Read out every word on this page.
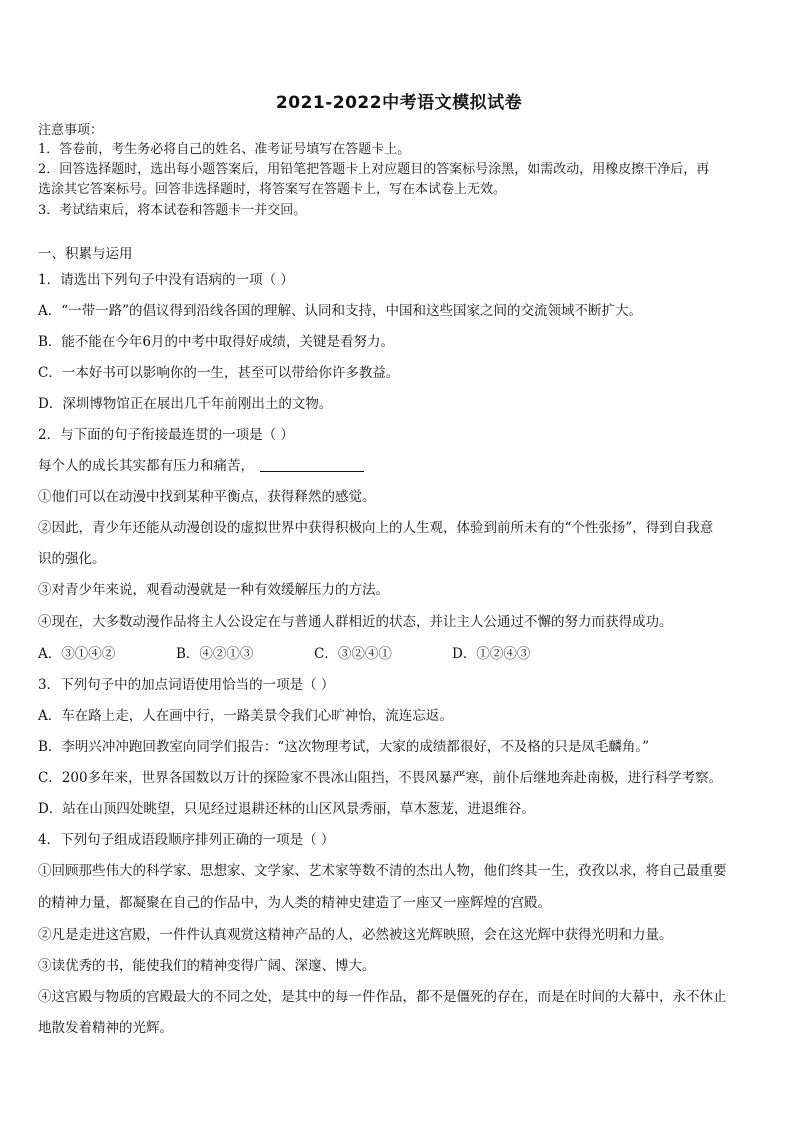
2021-2022中考语文模拟试卷
注意事项：
1．答卷前，考生务必将自己的姓名、准考证号填写在答题卡上。
2．回答选择题时，选出每小题答案后，用铅笔把答题卡上对应题目的答案标号涂黑，如需改动，用橡皮擦干净后，再
选涂其它答案标号。回答非选择题时，将答案写在答题卡上，写在本试卷上无效。
3．考试结束后，将本试卷和答题卡一并交回。
一、积累与运用
1．请选出下列句子中没有语病的一项（ ）
A．“一带一路”的倡议得到沿线各国的理解、认同和支持，中国和这些国家之间的交流领域不断扩大。
B．能不能在今年6月的中考中取得好成绩，关键是看努力。
C．一本好书可以影响你的一生，甚至可以带给你许多教益。
D．深圳博物馆正在展出几千年前刚出土的文物。
2．与下面的句子衔接最连贯的一项是（ ）
每个人的成长其实都有压力和痛苦，
①他们可以在动漫中找到某种平衡点，获得释然的感觉。
②因此，青少年还能从动漫创设的虚拟世界中获得积极向上的人生观，体验到前所未有的“个性张扬”，得到自我意
识的强化。
③对青少年来说，观看动漫就是一种有效缓解压力的方法。
④现在，大多数动漫作品将主人公设定在与普通人群相近的状态，并让主人公通过不懈的努力而获得成功。
A．③①④②	B．④②①③	C．③②④①	D．①②④③
3．下列句子中的加点词语使用恰当的一项是（ ）
A．车在路上走，人在画中行，一路美景令我们心旷神怡，流连忘返。
B．李明兴冲冲跑回教室向同学们报告：“这次物理考试，大家的成绩都很好，不及格的只是凤毛麟角。”
C．200多年来，世界各国数以万计的探险家不畏冰山阻挡，不畏风暴严寒，前仆后继地奔赴南极，进行科学考察。
D．站在山顶四处眺望，只见经过退耕还林的山区风景秀丽，草木葱茏，进退维谷。
4．下列句子组成语段顺序排列正确的一项是（ ）
①回顾那些伟大的科学家、思想家、文学家、艺术家等数不清的杰出人物，他们终其一生，孜孜以求，将自己最重要
的精神力量，都凝聚在自己的作品中，为人类的精神史建造了一座又一座辉煌的宫殿。
②凡是走进这宫殿，一件件认真观赏这精神产品的人，必然被这光辉映照，会在这光辉中获得光明和力量。
③读优秀的书，能使我们的精神变得广阔、深邃、博大。
④这宫殿与物质的宫殿最大的不同之处，是其中的每一件作品，都不是僵死的存在，而是在时间的大幕中，永不休止
地散发着精神的光辉。
